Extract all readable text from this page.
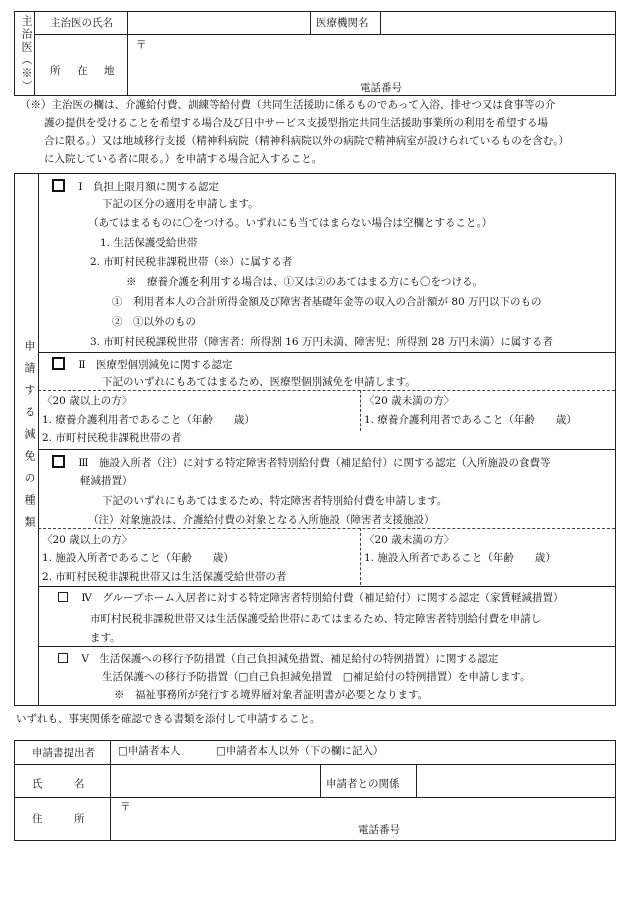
主治医（※） 主治医の氏名	医療機関名
所　在　地
〒
電話番号
（※）主治医の欄は、介護給付費、訓練等給付費（共同生活援助に係るものであって入浴、排せつ又は食事等の介
護の提供を受けることを希望する場合及び日中サービス支援型指定共同生活援助事業所の利用を希望する場
合に限る。）又は地域移行支援（精神科病院（精神科病院以外の病院で精神病室が設けられているものを含む。）
に入院している者に限る。）を申請する場合記入すること。
申請する減免の種類
Ⅰ　負担上限月額に関する認定
下記の区分の適用を申請します。
（あてはまるものに〇をつける。いずれにも当てはまらない場合は空欄とすること。）
1. 生活保護受給世帯
2. 市町村民税非課税世帯（※）に属する者
※　療養介護を利用する場合は、①又は②のあてはまる方にも〇をつける。
①　利用者本人の合計所得金額及び障害者基礎年金等の収入の合計額が 80 万円以下のもの
②　①以外のもの
3. 市町村民税課税世帯（障害者：所得割 16 万円未満、障害児：所得割 28 万円未満）に属する者
Ⅱ　医療型個別減免に関する認定
下記のいずれにもあてはまるため、医療型個別減免を申請します。
〈20 歳以上の方〉
1. 療養介護利用者であること（年齢　　歳）
2. 市町村民税非課税世帯の者
〈20 歳未満の方〉
1. 療養介護利用者であること（年齢　　歳）
Ⅲ　施設入所者（注）に対する特定障害者特別給付費（補足給付）に関する認定（入所施設の食費等
軽減措置）
下記のいずれにもあてはまるため、特定障害者特別給付費を申請します。
（注）対象施設は、介護給付費の対象となる入所施設（障害者支援施設）
〈20 歳以上の方〉
1. 施設入所者であること（年齢　　歳）
2. 市町村民税非課税世帯又は生活保護受給世帯の者
〈20 歳未満の方〉
1. 施設入所者であること（年齢　　歳）
Ⅳ　グループホーム入居者に対する特定障害者特別給付費（補足給付）に関する認定（家賃軽減措置）
市町村民税非課税世帯又は生活保護受給世帯にあてはまるため、特定障害者特別給付費を申請し
ます。
Ⅴ　生活保護への移行予防措置（自己負担減免措置、補足給付の特例措置）に関する認定
生活保護への移行予防措置（□自己負担減免措置　□補足給付の特例措置）を申請します。
※　福祉事務所が発行する境界層対象者証明書が必要となります。
いずれも、事実関係を確認できる書類を添付して申請すること。
申請書提出者 □申請者本人	□申請者本人以外（下の欄に記入）
氏　　　名	申請者との関係
住　　　所
〒
電話番号
